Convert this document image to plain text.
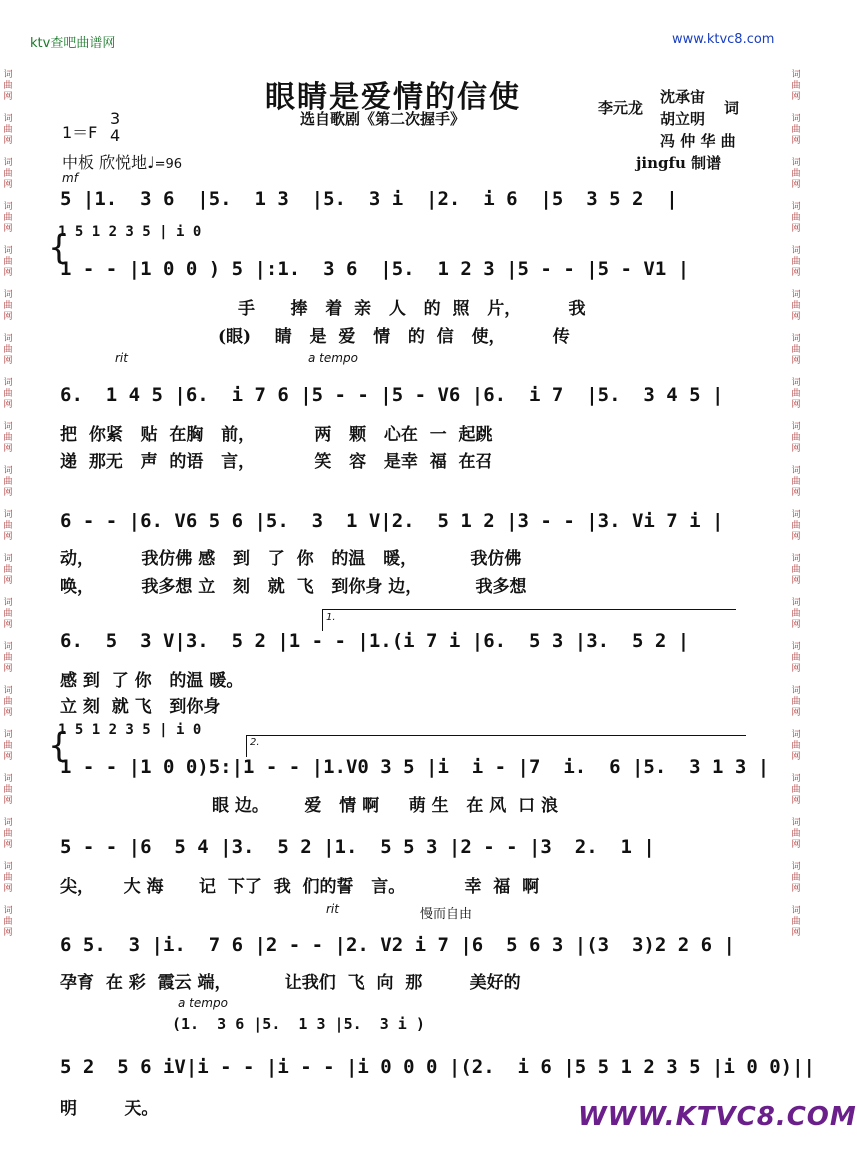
ktv查吧曲谱网	www.ktvc8.com
词曲网

词曲网

词曲网

词曲网

词曲网

词曲网

词曲网

词曲网

词曲网

词曲网

词曲网

词曲网

词曲网

词曲网

词曲网

词曲网

词曲网

词曲网

词曲网

词曲网
词曲网

词曲网

词曲网

词曲网

词曲网

词曲网

词曲网

词曲网

词曲网

词曲网

词曲网

词曲网

词曲网

词曲网

词曲网

词曲网

词曲网

词曲网

词曲网

词曲网
眼睛是爱情的信使
选自歌剧《第二次握手》
李元龙
沈承宙
胡立明
词
冯 仲 华 曲
jingfu 制谱
1＝F
3
4
中板 欣悦地♩=96
mf
5 |1.  3 6  |5.  1 3  |5.  3 i  |2.  i 6  |5  3 5 2  |
1 5 1 2 3 5 | i 0
{
1 - - |1 0 0 ) 5 |:1.  3 6  |5.  1 2 3 |5 - - |5 - V1 |
手      捧   着  亲   人   的  照   片，        我
(眼)    睛   是  爱   情   的  信   使，        传
rit	a tempo
6.  1 4 5 |6.  i 7 6 |5 - - |5 - V6 |6.  i 7  |5.  3 4 5 |
把  你紧   贴  在胸   前，          两   颗   心在  一  起跳
递  那无   声  的语   言，          笑   容   是幸  福  在召
6 - - |6. V6 5 6 |5.  3  1 V|2.  5 1 2 |3 - - |3. Vi 7 i |
动，        我仿佛 感   到   了  你   的温   暖，         我仿佛
唤，        我多想 立   刻   就  飞   到你身 边，         我多想
1.
6.  5  3 V|3.  5 2 |1 - - |1.(i 7 i |6.  5 3 |3.  5 2 |
感 到  了 你   的温 暖。
立 刻  就 飞   到你身
1 5 1 2 3 5 | i 0
{	2.
1 - - |1 0 0)5:|1 - - |1.V0 3 5 |i  i - |7  i.  6 |5.  3 1 3 |
眼 边。      爱   情 啊     萌 生   在 风  口 浪
5 - - |6  5 4 |3.  5 2 |1.  5 5 3 |2 - - |3  2.  1 |
尖，     大 海      记  下了  我  们的誓   言。          幸  福  啊
rit	慢而自由
6 5.  3 |i.  7 6 |2 - - |2. V2 i 7 |6  5 6 3 |(3  3)2 2 6 |
孕育  在 彩  霞云 端，         让我们  飞  向  那        美好的
a tempo
(1.  3 6 |5.  1 3 |5.  3 i )
5 2  5 6 iV|i - - |i - - |i 0 0 0 |(2.  i 6 |5 5 1 2 3 5 |i 0 0)||
明        天。	WWW.KTVC8.COM
